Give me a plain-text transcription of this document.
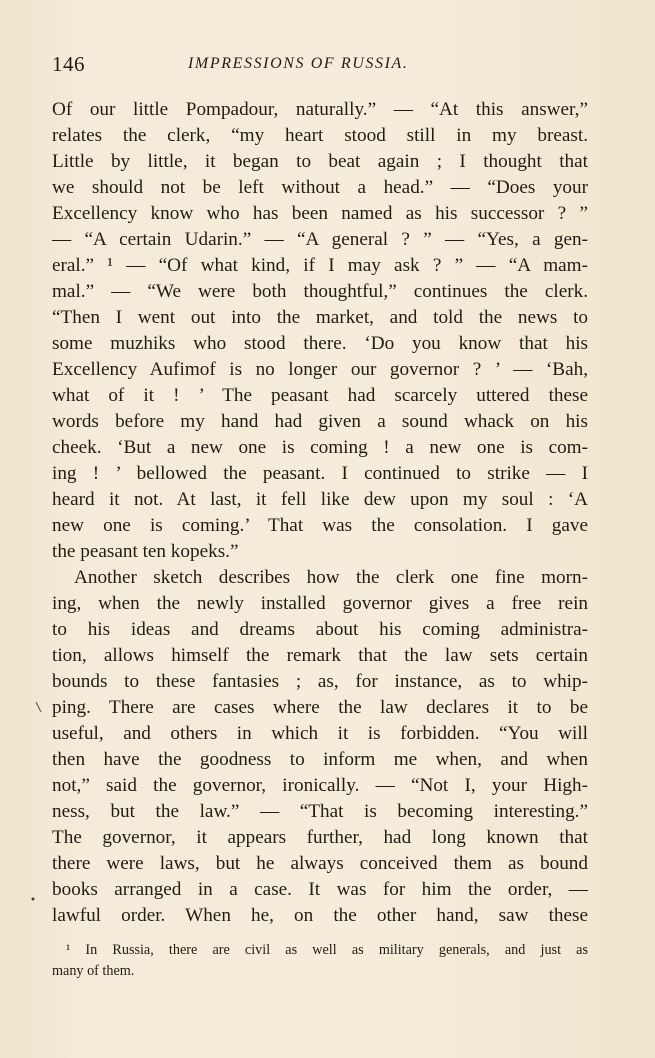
146	IMPRESSIONS OF RUSSIA.
Of our little Pompadour, naturally.” — “At this answer,”
relates the clerk, “my heart stood still in my breast.
Little by little, it began to beat again ; I thought that
we should not be left without a head.” — “Does your
Excellency know who has been named as his successor ? ”
— “A certain Udarin.” — “A general ? ” — “Yes, a gen-
eral.” ¹ — “Of what kind, if I may ask ? ” — “A mam-
mal.” — “We were both thoughtful,” continues the clerk.
“Then I went out into the market, and told the news to
some muzhiks who stood there. ‘Do you know that his
Excellency Aufimof is no longer our governor ? ’ — ‘Bah,
what of it ! ’ The peasant had scarcely uttered these
words before my hand had given a sound whack on his
cheek. ‘But a new one is coming ! a new one is com-
ing ! ’ bellowed the peasant. I continued to strike — I
heard it not. At last, it fell like dew upon my soul : ‘A
new one is coming.’ That was the consolation. I gave
the peasant ten kopeks.”
Another sketch describes how the clerk one fine morn-
ing, when the newly installed governor gives a free rein
to his ideas and dreams about his coming administra-
tion, allows himself the remark that the law sets certain
bounds to these fantasies ; as, for instance, as to whip-
ping. There are cases where the law declares it to be
useful, and others in which it is forbidden. “You will
then have the goodness to inform me when, and when
not,” said the governor, ironically. — “Not I, your High-
ness, but the law.” — “That is becoming interesting.”
The governor, it appears further, had long known that
there were laws, but he always conceived them as bound
books arranged in a case. It was for him the order, —
lawful order. When he, on the other hand, saw these
¹ In Russia, there are civil as well as military generals, and just as
many of them.
